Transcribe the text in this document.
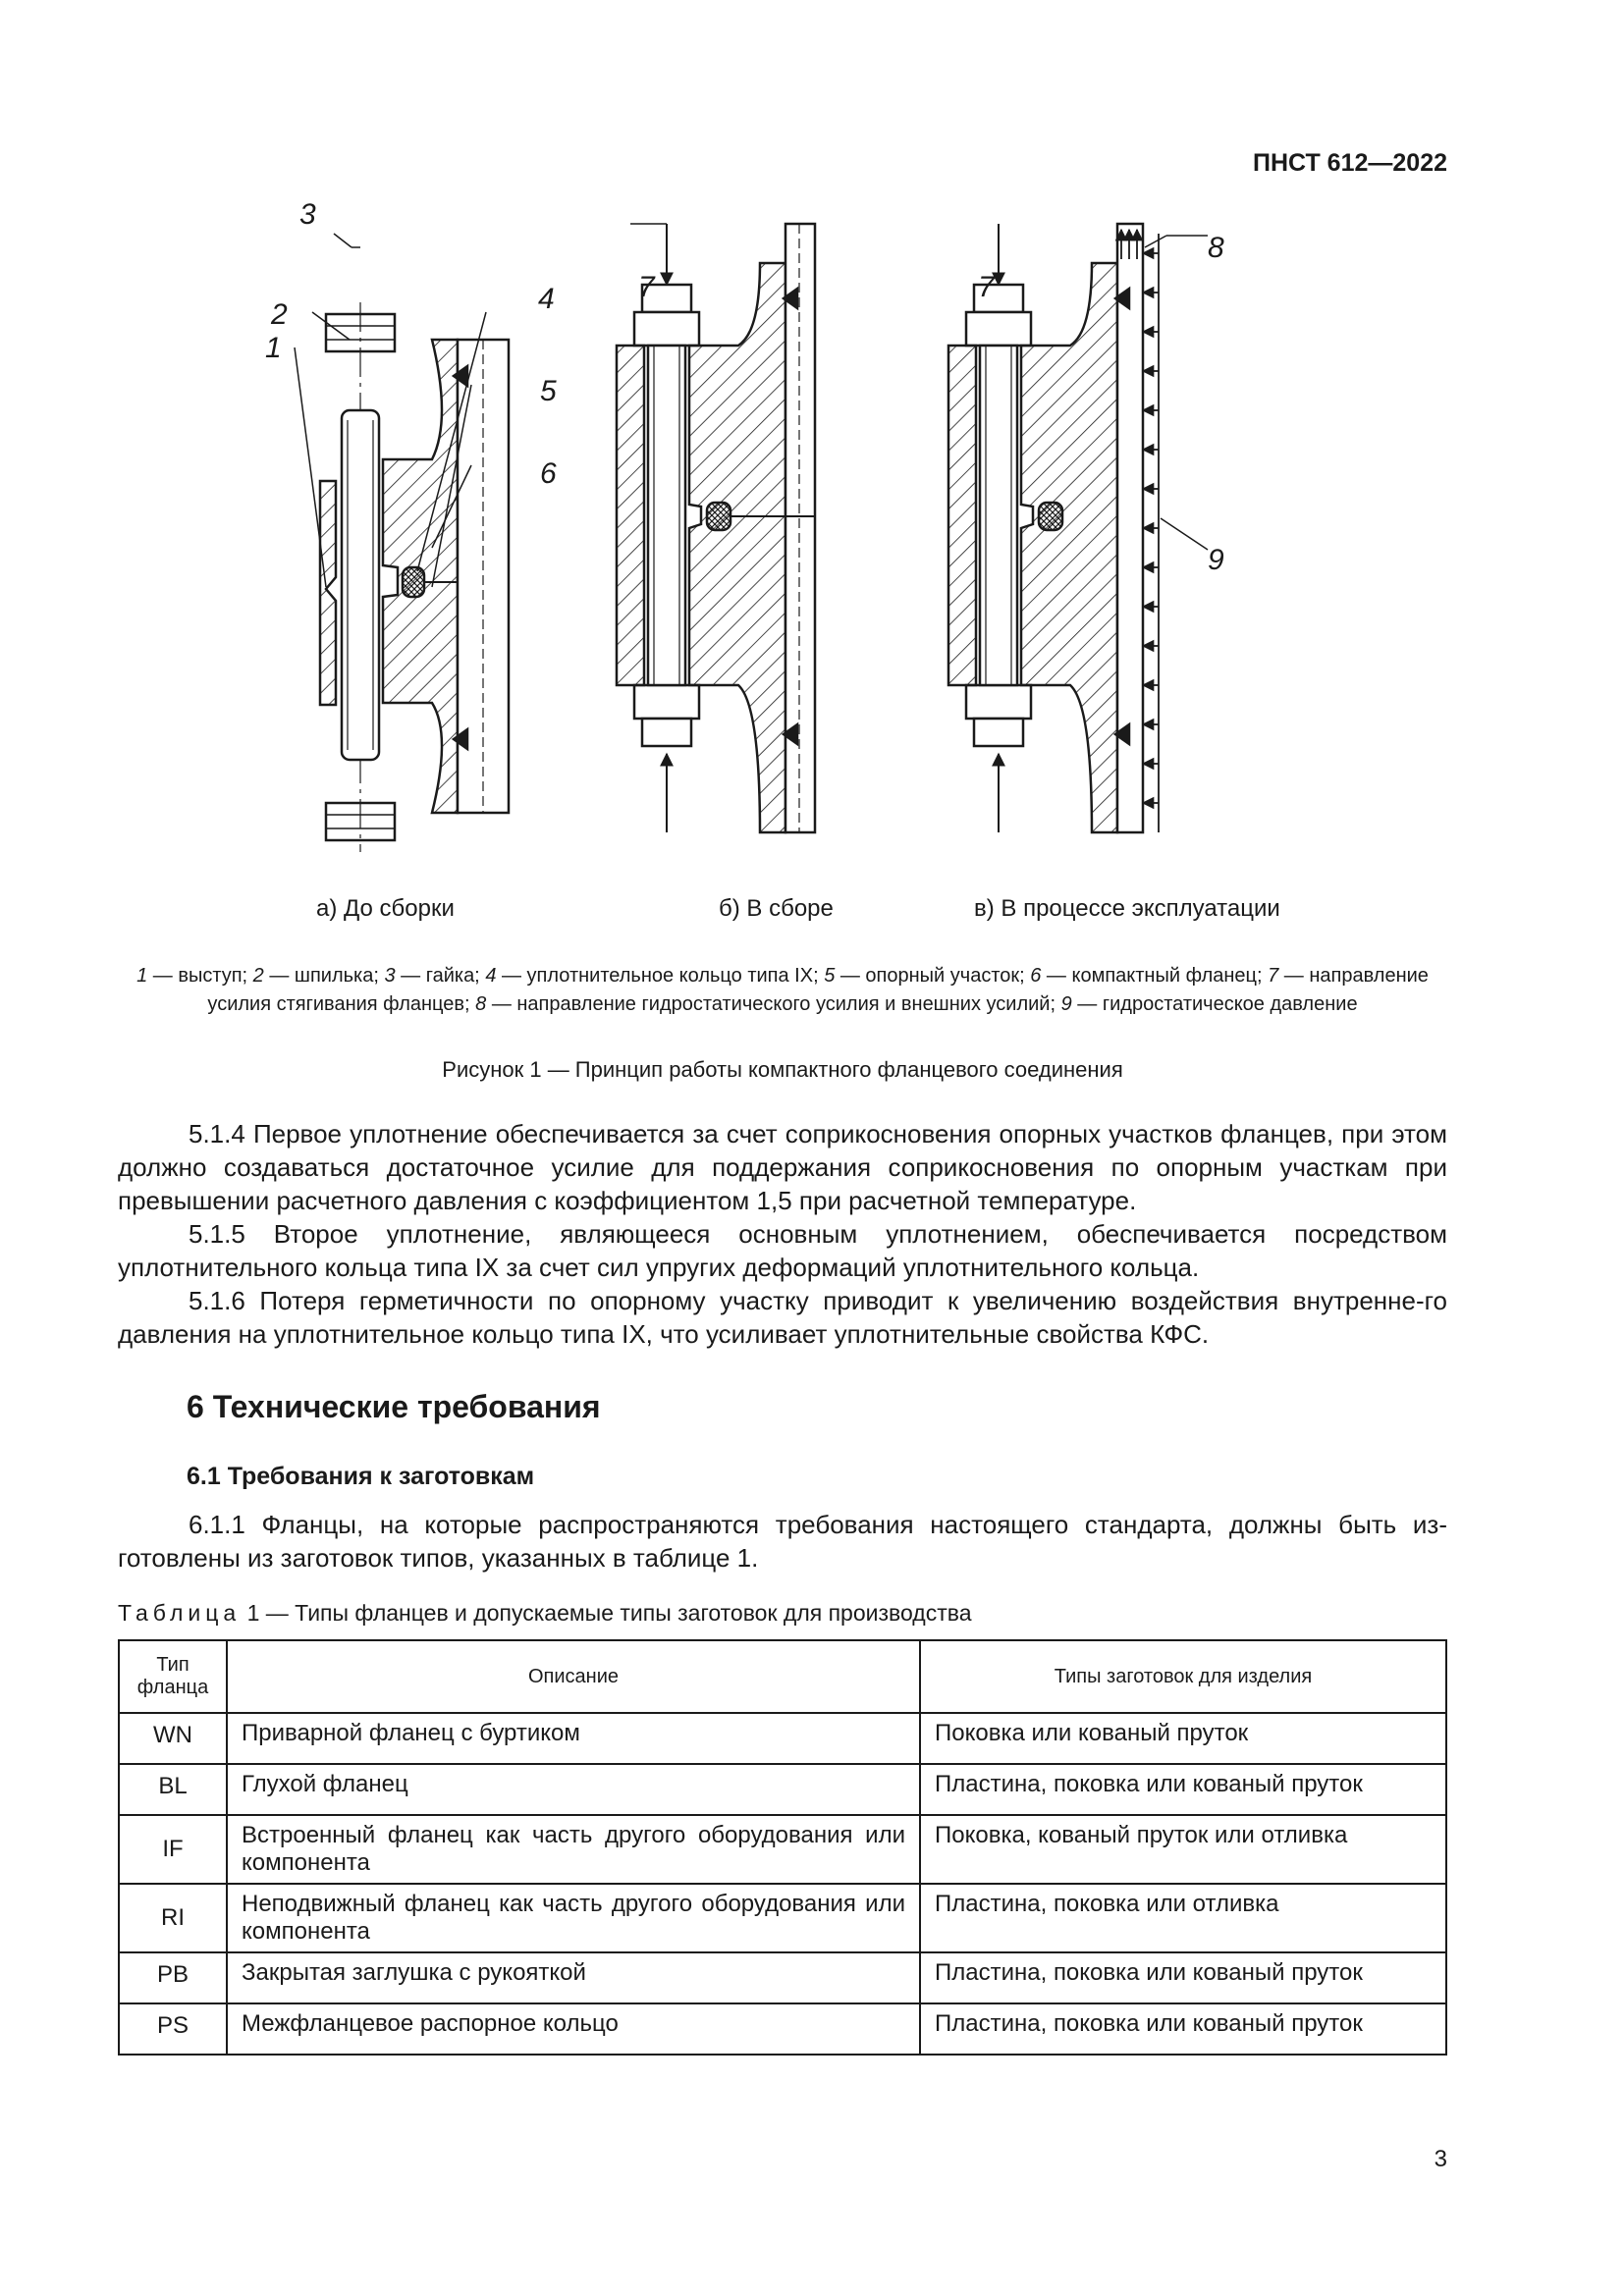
ПНСТ 612—2022
3
2
1
4
5
6
7	7
8
9
а) До сборки	б) В сборе	в) В процессе эксплуатации
1 — выступ; 2 — шпилька; 3 — гайка; 4 — уплотнительное кольцо типа IX; 5 — опорный участок; 6 — компактный фланец; 7 — направление усилия стягивания фланцев; 8 — направление гидростатического усилия и внешних усилий; 9 — гидростатическое давление
Рисунок 1 — Принцип работы компактного фланцевого соединения
5.1.4 Первое уплотнение обеспечивается за счет соприкосновения опорных участков фланцев, при этом должно создаваться достаточное усилие для поддержания соприкосновения по опорным участкам при превышении расчетного давления с коэффициентом 1,5 при расчетной температуре.
5.1.5 Второе уплотнение, являющееся основным уплотнением, обеспечивается посредством уплотнительного кольца типа IX за счет сил упругих деформаций уплотнительного кольца.
5.1.6 Потеря герметичности по опорному участку приводит к увеличению воздействия внутренне-го давления на уплотнительное кольцо типа IX, что усиливает уплотнительные свойства КФС.
6 Технические требования
6.1 Требования к заготовкам
6.1.1 Фланцы, на которые распространяются требования настоящего стандарта, должны быть из-готовлены из заготовок типов, указанных в таблице 1.
Таблица 1 — Типы фланцев и допускаемые типы заготовок для производства
Тип фланца	Описание	Типы заготовок для изделия
WN	Приварной фланец с буртиком	Поковка или кованый пруток
BL	Глухой фланец	Пластина, поковка или кованый пруток
IF	Встроенный фланец как часть другого оборудования или компонента	Поковка, кованый пруток или отливка
RI	Неподвижный фланец как часть другого оборудования или компонента	Пластина, поковка или отливка
PB	Закрытая заглушка с рукояткой	Пластина, поковка или кованый пруток
PS	Межфланцевое распорное кольцо	Пластина, поковка или кованый пруток
3
